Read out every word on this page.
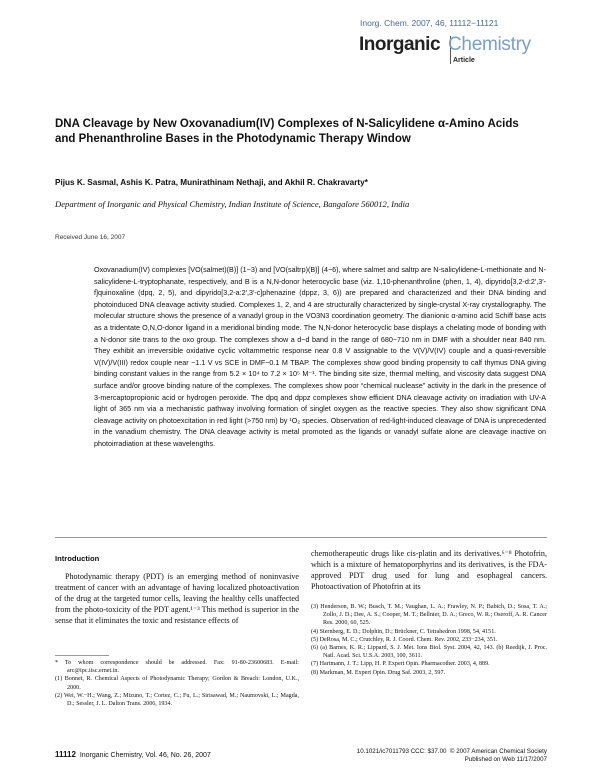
Inorg. Chem. 2007, 46, 11112−11121
Inorganic Chemistry
Article
DNA Cleavage by New Oxovanadium(IV) Complexes of N-Salicylidene α-Amino Acids and Phenanthroline Bases in the Photodynamic Therapy Window
Pijus K. Sasmal, Ashis K. Patra, Munirathinam Nethaji, and Akhil R. Chakravarty*
Department of Inorganic and Physical Chemistry, Indian Institute of Science, Bangalore 560012, India
Received June 16, 2007
Oxovanadium(IV) complexes [VO(salmet)(B)] (1−3) and [VO(saltrp)(B)] (4−6), where salmet and saltrp are N-salicylidene-L-methionate and N-salicylidene-L-tryptophanate, respectively, and B is a N,N-donor heterocyclic base (viz. 1,10-phenanthroline (phen, 1, 4), dipyrido[3,2-d:2′,3′-f]quinoxaline (dpq, 2, 5), and dipyrido[3,2-a:2′,3′-c]phenazine (dppz, 3, 6)) are prepared and characterized and their DNA binding and photoinduced DNA cleavage activity studied. Complexes 1, 2, and 4 are structurally characterized by single-crystal X-ray crystallography. The molecular structure shows the presence of a vanadyl group in the VO3N3 coordination geometry. The dianionic α-amino acid Schiff base acts as a tridentate O,N,O-donor ligand in a meridional binding mode. The N,N-donor heterocyclic base displays a chelating mode of bonding with a N-donor site trans to the oxo group. The complexes show a d−d band in the range of 680−710 nm in DMF with a shoulder near 840 nm. They exhibit an irreversible oxidative cyclic voltammetric response near 0.8 V assignable to the V(V)/V(IV) couple and a quasi-reversible V(IV)/V(III) redox couple near −1.1 V vs SCE in DMF−0.1 M TBAP. The complexes show good binding propensity to calf thymus DNA giving binding constant values in the range from 5.2 × 10⁴ to 7.2 × 10⁵ M⁻¹. The binding site size, thermal melting, and viscosity data suggest DNA surface and/or groove binding nature of the complexes. The complexes show poor “chemical nuclease” activity in the dark in the presence of 3-mercaptopropionic acid or hydrogen peroxide. The dpq and dppz complexes show efficient DNA cleavage activity on irradiation with UV-A light of 365 nm via a mechanistic pathway involving formation of singlet oxygen as the reactive species. They also show significant DNA cleavage activity on photoexcitation in red light (>750 nm) by ¹O₂ species. Observation of red-light-induced cleavage of DNA is unprecedented in the vanadium chemistry. The DNA cleavage activity is metal promoted as the ligands or vanadyl sulfate alone are cleavage inactive on photoirradiation at these wavelengths.
Introduction

Photodynamic therapy (PDT) is an emerging method of noninvasive treatment of cancer with an advantage of having localized photoactivation of the drug at the targeted tumor cells, leaving the healthy cells unaffected from the photo-toxicity of the PDT agent.¹⁻³ This method is superior in the sense that it eliminates the toxic and resistance effects of

chemotherapeutic drugs like cis-platin and its derivatives.⁶⁻⁸ Photofrin, which is a mixture of hematoporphyrins and its derivatives, is the FDA-approved PDT drug used for lung and esophageal cancers. Photoactivation of Photofrin at its

* To whom correspondence should be addressed. Fax: 91-80-23600683. E-mail: arc@ipc.iisc.ernet.in.
(1) Bonnet, R. Chemical Aspects of Photodynamic Therapy; Gordon & Breach: London, U.K., 2000.
(2) Wei, W.−H.; Wang, Z.; Mizuno, T.; Cortez, C.; Fu, L.; Sirisawad, M.; Naumovski, L.; Magda, D.; Sessler, J. L. Dalton Trans. 2006, 1934.
(3) Henderson, B. W.; Busch, T. M.; Vaughan, L. A.; Frawley, N. P.; Babich, D.; Sosa, T. A.; Zollo, J. D.; Dee, A. S.; Cooper, M. T.; Bellnier, D. A.; Greco, W. R.; Oseroff, A. R. Cancer Res. 2000, 60, 525.
(4) Sternberg, E. D.; Dolphin, D.; Brückner, C. Tetrahedron 1998, 54, 4151.
(5) DeRosa, M. C.; Crutchley, R. J. Coord. Chem. Rev. 2002, 233−234, 351.
(6) (a) Barnes, K. R.; Lippard, S. J. Met. Ions Biol. Syst. 2004, 42, 143. (b) Reedijk, J. Proc. Natl. Acad. Sci. U.S.A. 2003, 100, 3611.
(7) Hartmann, J. T.; Lipp, H. P. Expert Opin. Pharmacother. 2003, 4, 889.
(8) Markman, M. Expert Opin. Drug Saf. 2003, 2, 597.
11112 Inorganic Chemistry, Vol. 46, No. 26, 2007
10.1021/ic7011793 CCC: $37.00 © 2007 American Chemical Society
Published on Web 11/17/2007
